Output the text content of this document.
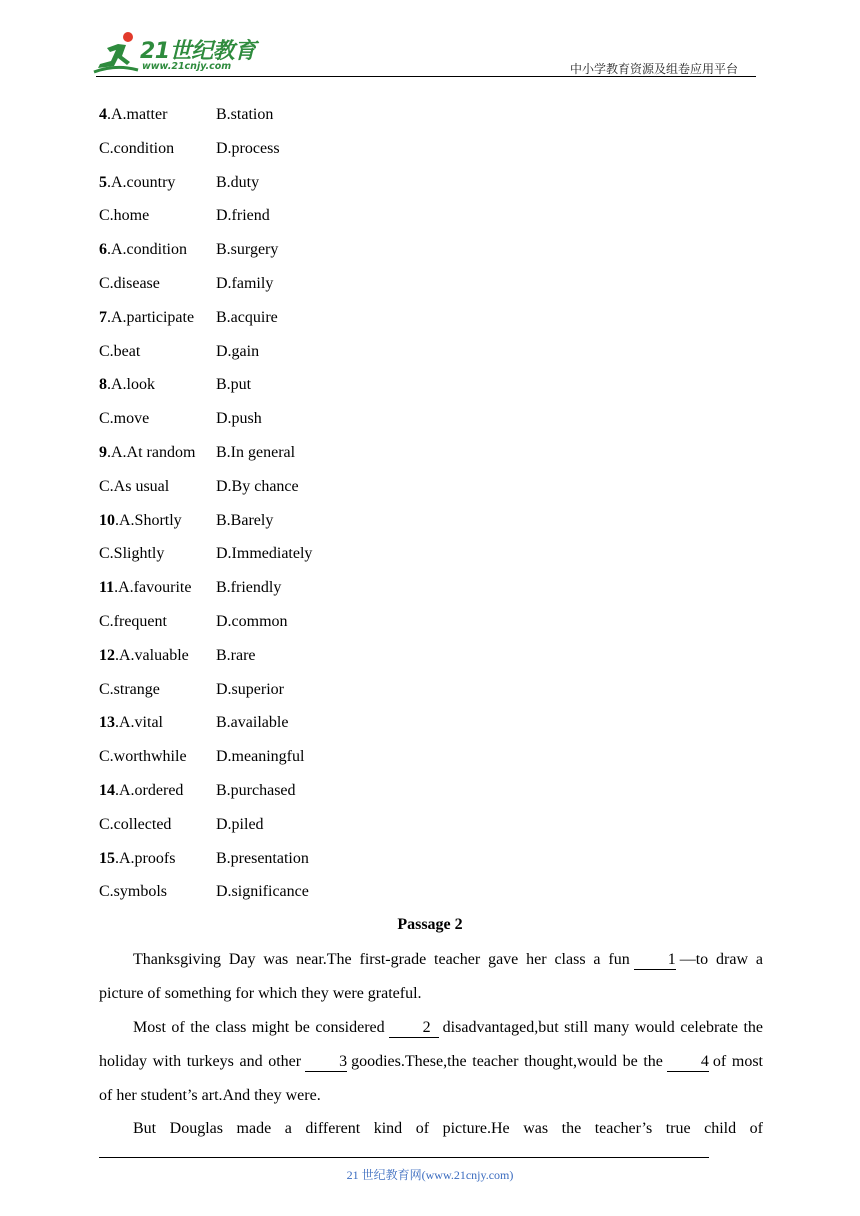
21世纪教育
www.21cnjy.com	中小学教育资源及组卷应用平台
4.A.matter	B.station
C.condition	D.process
5.A.country	B.duty
C.home	D.friend
6.A.condition B.surgery
C.disease	D.family
7.A.participate B.acquire
C.beat	D.gain
8.A.look	B.put
C.move	D.push
9.A.At random B.In general
C.As usual	D.By chance
10.A.Shortly B.Barely
C.Slightly	D.Immediately
11.A.favourite B.friendly
C.frequent	D.common
12.A.valuable B.rare
C.strange	D.superior
13.A.vital	B.available
C.worthwhile D.meaningful
14.A.ordered B.purchased
C.collected	D.piled
15.A.proofs	B.presentation
C.symbols	D.significance
Passage 2
Thanksgiving Day was near.The first-grade teacher gave her class a fun 1 —to draw a picture of something for which they were grateful.
Most of the class might be considered 2 disadvantaged,but still many would celebrate the holiday with turkeys and other 3 goodies.These,the teacher thought,would be the 4 of most of her student’s art.And they were.
But Douglas made a different kind of picture.He was the teacher’s true child of
21 世纪教育网(www.21cnjy.com)
